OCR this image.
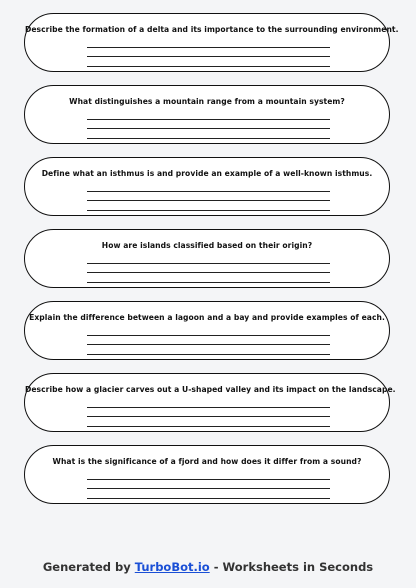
Describe the formation of a delta and its importance to the surrounding environment.
What distinguishes a mountain range from a mountain system?
Define what an isthmus is and provide an example of a well-known isthmus.
How are islands classified based on their origin?
Explain the difference between a lagoon and a bay and provide examples of each.
Describe how a glacier carves out a U-shaped valley and its impact on the landscape.
What is the significance of a fjord and how does it differ from a sound?
Generated by TurboBot.io - Worksheets in Seconds
